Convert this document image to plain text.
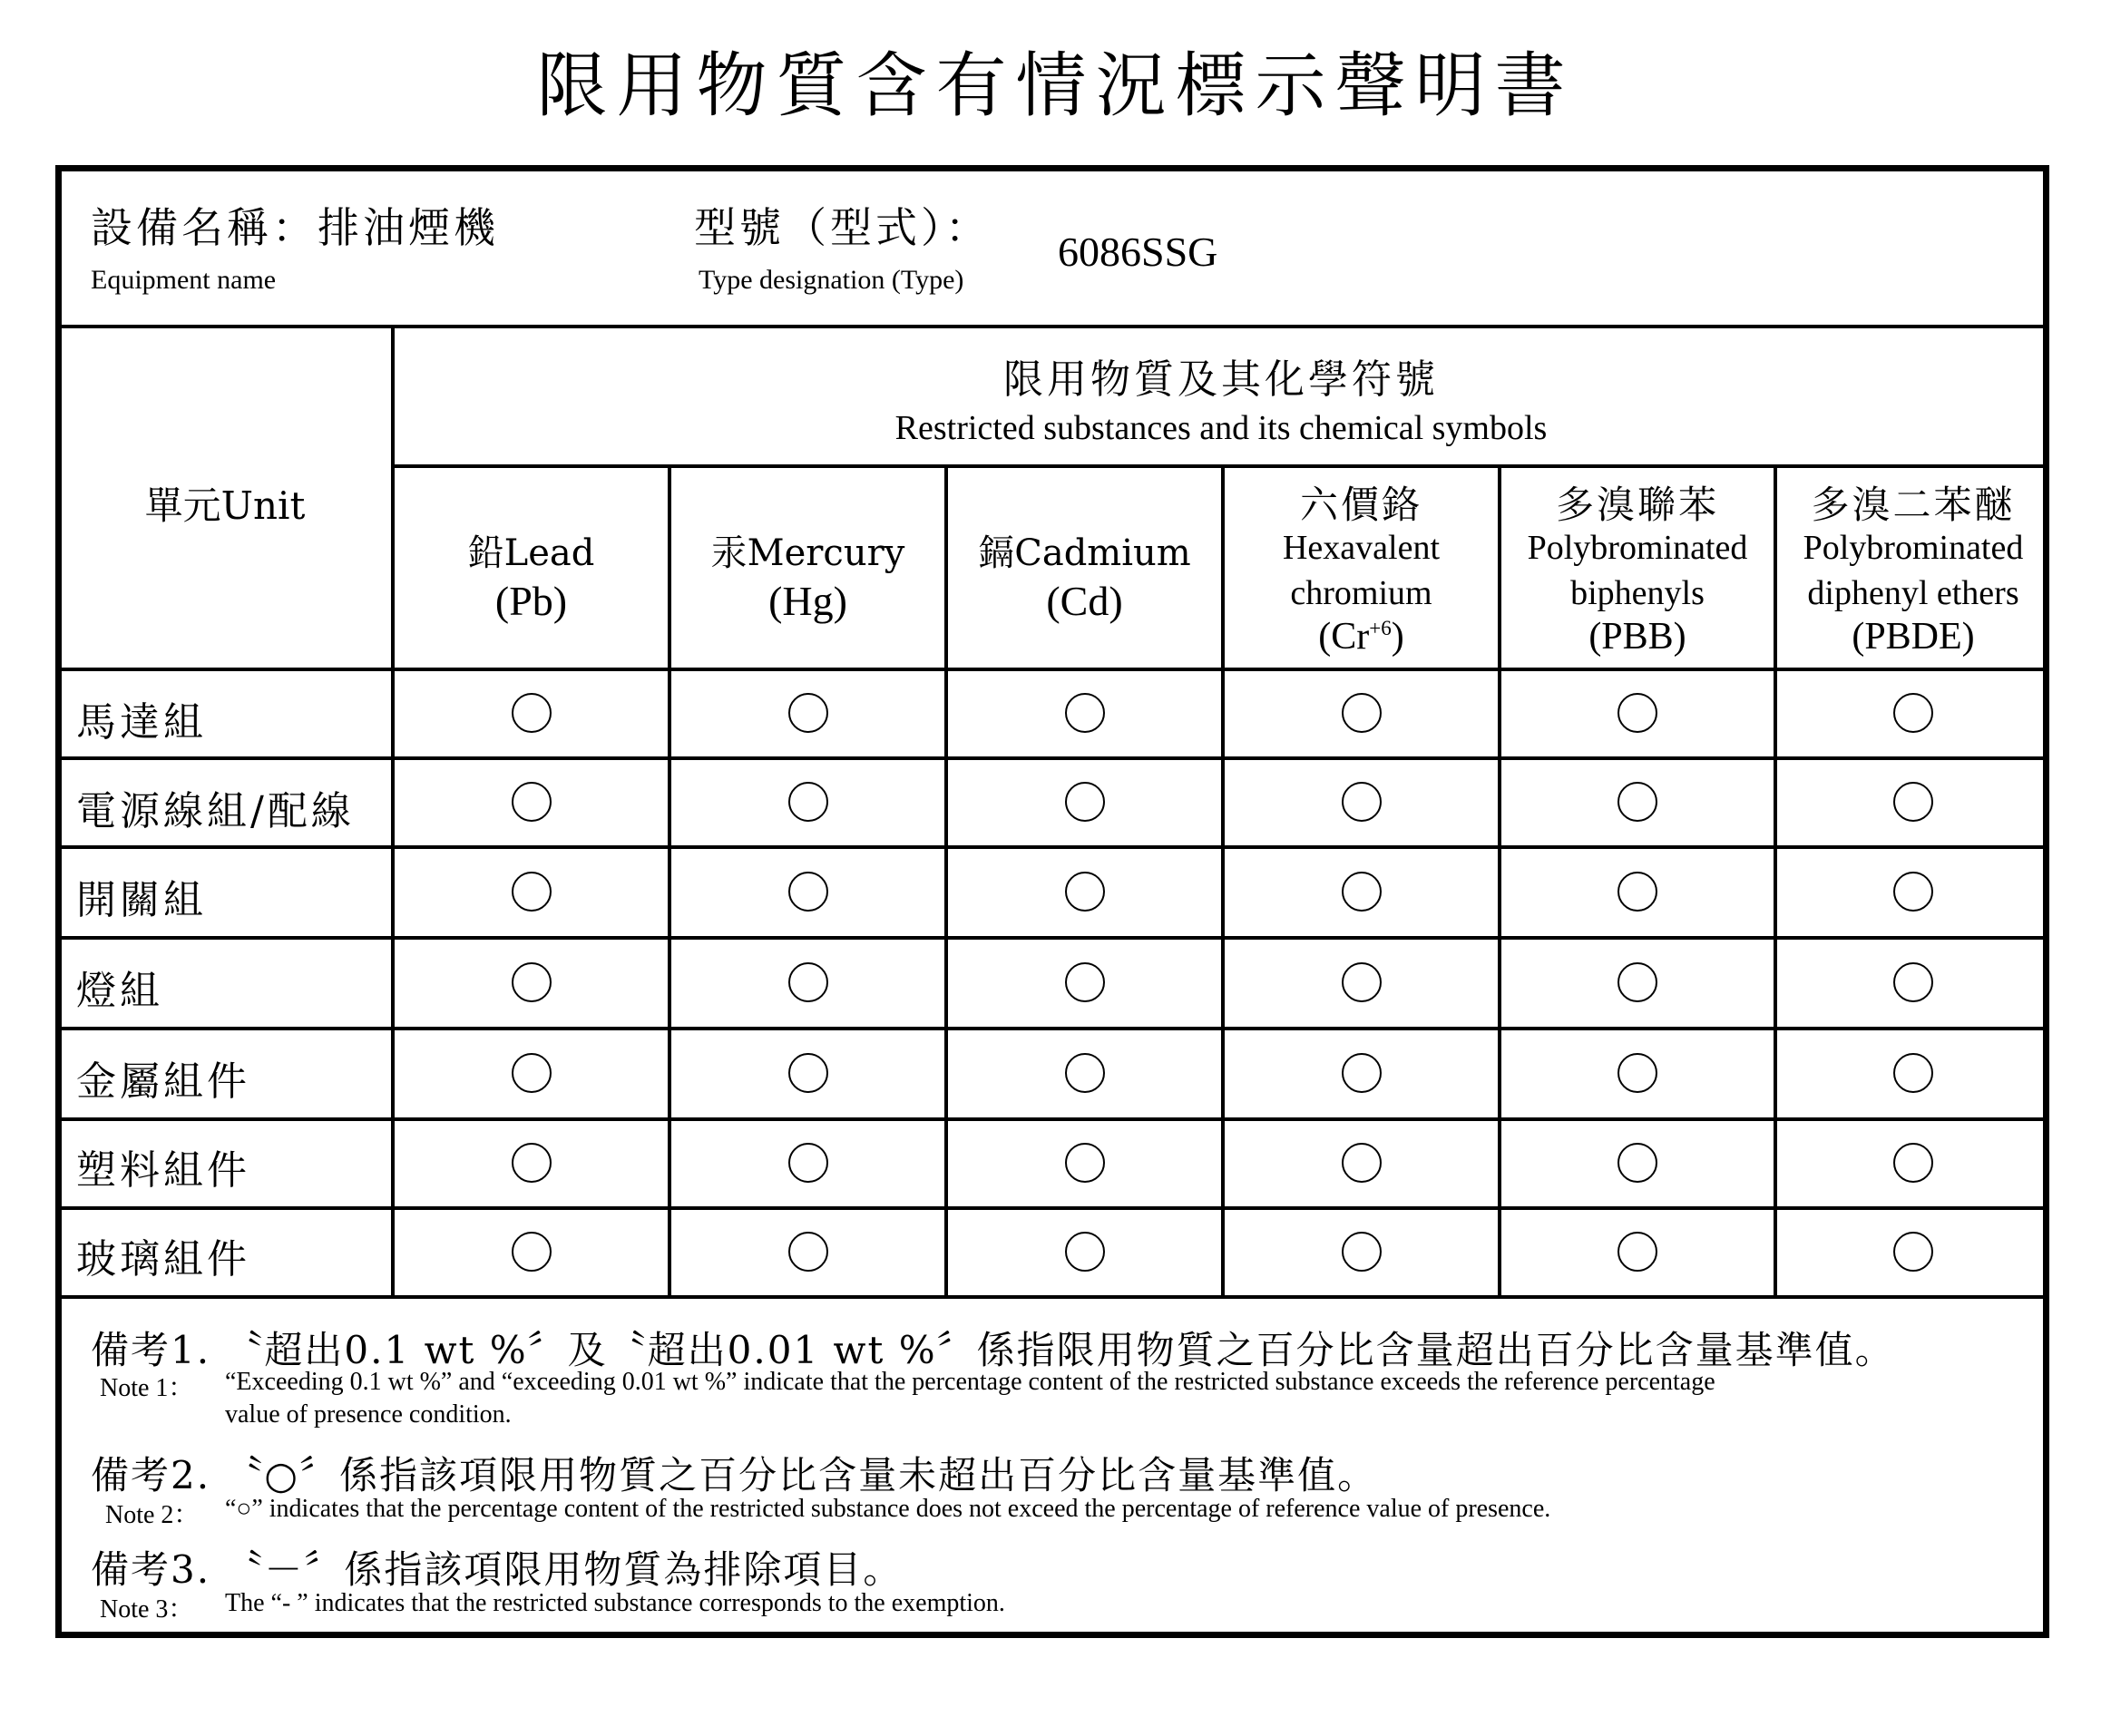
限用物質含有情況標示聲明書
設備名稱：排油煙機
Equipment name
型號（型式）：
Type designation (Type)
6086SSG
限用物質及其化學符號
Restricted substances and its chemical symbols
單元Unit
鉛Lead
(Pb)
汞Mercury
(Hg)
鎘Cadmium
(Cd)
六價鉻
Hexavalent
chromium
$(Cr^{+6})$
多溴聯苯
Polybrominated
biphenyls
(PBB)
多溴二苯醚
Polybrominated
diphenyl ethers
(PBDE)
馬達組
電源線組/配線
開關組
燈組
金屬組件
塑料組件
玻璃組件
備考1. 〝超出0.1 wt %〞及〝超出0.01 wt %〞係指限用物質之百分比含量超出百分比含量基準值。
Note 1： “Exceeding 0.1 wt %” and “exceeding 0.01 wt %” indicate that the percentage content of the restricted substance exceeds the reference percentage
value of presence condition.
備考2. 〝○〞係指該項限用物質之百分比含量未超出百分比含量基準值。
Note 2： “○” indicates that the percentage content of the restricted substance does not exceed the percentage of reference value of presence.
備考3. 〝－〞係指該項限用物質為排除項目。
Note 3： The “- ” indicates that the restricted substance corresponds to the exemption.
